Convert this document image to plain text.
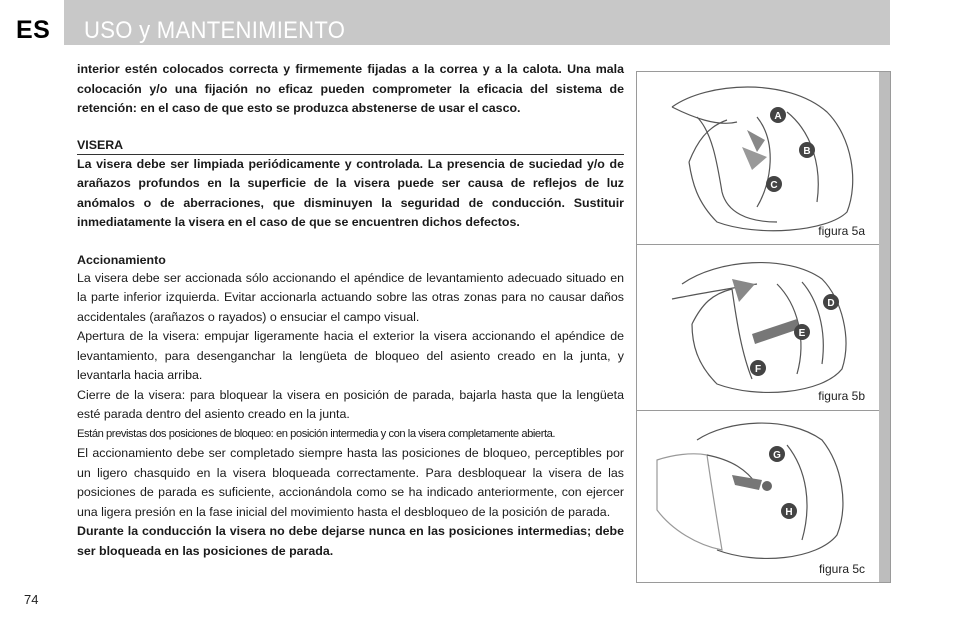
ES USO y MANTENIMIENTO

interior estén colocados correcta y firmemente fijadas a la correa y a la calota. Una mala colocación y/o una fijación no eficaz pueden comprometer la eficacia del sistema de retención: en el caso de que esto se produzca abstenerse de usar el casco.

VISERA

La visera debe ser limpiada periódicamente y controlada. La presencia de suciedad y/o de arañazos profundos en la superficie de la visera puede ser causa de reflejos de luz anómalos o de aberraciones, que disminuyen la seguridad de conducción. Sustituir inmediatamente la visera en el caso de que se encuentren dichos defectos.

Accionamiento

La visera debe ser accionada sólo accionando el apéndice de levantamiento adecuado situado en la parte inferior izquierda. Evitar accionarla actuando sobre las otras zonas para no causar daños accidentales (arañazos o rayados) o ensuciar el campo visual.

Apertura de la visera: empujar ligeramente hacia el exterior la visera accionando el apéndice de levantamiento, para desenganchar la lengüeta de bloqueo del asiento creado en la junta, y levantarla hacia arriba.

Cierre de la visera: para bloquear la visera en posición de parada, bajarla hasta que la lengüeta esté parada dentro del asiento creado en la junta.

Están previstas dos posiciones de bloqueo: en posición intermedia y con la visera completamente abierta.

El accionamiento debe ser completado siempre hasta las posiciones de bloqueo, perceptibles por un ligero chasquido en la visera bloqueada correctamente. Para desbloquear la visera de las posiciones de parada es suficiente, accionándola como se ha indicado anteriormente, con ejercer una ligera presión en la fase inicial del movimiento hasta el desbloqueo de la posición de parada.

Durante la conducción la visera no debe dejarse nunca en las posiciones intermedias; debe ser bloqueada en las posiciones de parada.

A
B
C
figura 5a
D
E
F
figura 5b
G
H
figura 5c
74
